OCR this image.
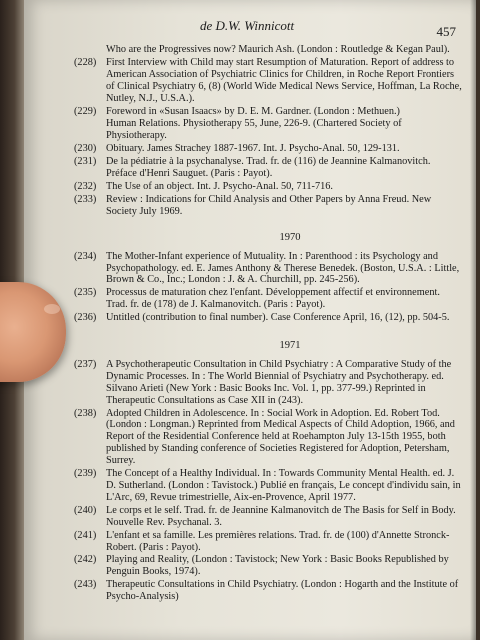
de D.W. Winnicott	457
Who are the Progressives now? Maurich Ash. (London : Routledge & Kegan Paul).
(228) First Interview with Child may start Resumption of Maturation. Report of address to American Association of Psychiatric Clinics for Children, in Roche Report Frontiers of Clinical Psychiatry 6, (8) (World Wide Medical News Service, Hoffman, La Roche, Nutley, N.J., U.S.A.).
(229) Foreword in «Susan Isaacs» by D. E. M. Gardner. (London : Methuen.)
Human Relations. Physiotherapy 55, June, 226-9. (Chartered Society of Physiotherapy.
(230) Obituary. James Strachey 1887-1967. Int. J. Psycho-Anal. 50, 129-131.
(231) De la pédiatrie à la psychanalyse. Trad. fr. de (116) de Jeannine Kalmanovitch. Préface d'Henri Sauguet. (Paris : Payot).
(232) The Use of an object. Int. J. Psycho-Anal. 50, 711-716.
(233) Review : Indications for Child Analysis and Other Papers by Anna Freud. New Society July 1969.
1970
(234) The Mother-Infant experience of Mutuality. In : Parenthood : its Psychology and Psychopathology. ed. E. James Anthony & Therese Benedek. (Boston, U.S.A. : Little, Brown & Co., Inc.; London : J. & A. Churchill, pp. 245-256).
(235) Processus de maturation chez l'enfant. Développement affectif et environnement. Trad. fr. de (178) de J. Kalmanovitch. (Paris : Payot).
(236) Untitled (contribution to final number). Case Conference April, 16, (12), pp. 504-5.
1971
(237) A Psychotherapeutic Consultation in Child Psychiatry : A Comparative Study of the Dynamic Processes. In : The World Biennial of Psychiatry and Psychotherapy. ed. Silvano Arieti (New York : Basic Books Inc. Vol. 1, pp. 377-99.) Reprinted in Therapeutic Consultations as Case XII in (243).
(238) Adopted Children in Adolescence. In : Social Work in Adoption. Ed. Robert Tod. (London : Longman.) Reprinted from Medical Aspects of Child Adoption, 1966, and Report of the Residential Conference held at Roehampton July 13-15th 1955, both published by Standing conference of Societies Registered for Adoption, Petersham, Surrey.
(239) The Concept of a Healthy Individual. In : Towards Community Mental Health. ed. J. D. Sutherland. (London : Tavistock.) Publié en français, Le concept d'individu sain, in L'Arc, 69, Revue trimestrielle, Aix-en-Provence, April 1977.
(240) Le corps et le self. Trad. fr. de Jeannine Kalmanovitch de The Basis for Self in Body. Nouvelle Rev. Psychanal. 3.
(241) L'enfant et sa famille. Les premières relations. Trad. fr. de (100) d'Annette Stronck-Robert. (Paris : Payot).
(242) Playing and Reality, (London : Tavistock; New York : Basic Books Republished by Penguin Books, 1974).
(243) Therapeutic Consultations in Child Psychiatry. (London : Hogarth and the Institute of Psycho-Analysis)
